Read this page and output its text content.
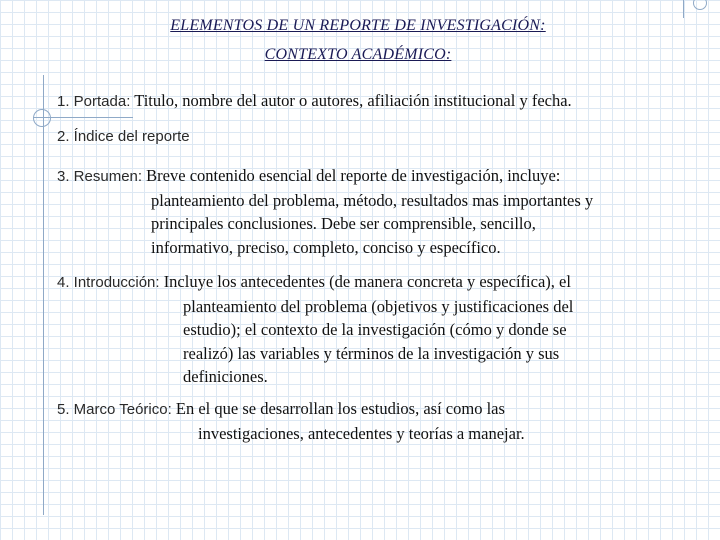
ELEMENTOS DE UN REPORTE DE INVESTIGACIÓN:
CONTEXTO ACADÉMICO:
1. Portada: Titulo, nombre del autor o autores, afiliación institucional y fecha.
2. Índice del reporte
3. Resumen: Breve contenido esencial del reporte de investigación, incluye:
planteamiento del problema, método, resultados mas importantes y
principales conclusiones. Debe ser comprensible, sencillo,
informativo, preciso, completo, conciso y específico.
4. Introducción: Incluye los antecedentes (de manera concreta y específica), el
planteamiento del problema (objetivos y justificaciones del
estudio); el contexto de la investigación (cómo y donde se
realizó) las variables y términos de la investigación y sus
definiciones.
5. Marco Teórico: En el que se desarrollan los estudios, así como las
investigaciones, antecedentes y teorías a manejar.
